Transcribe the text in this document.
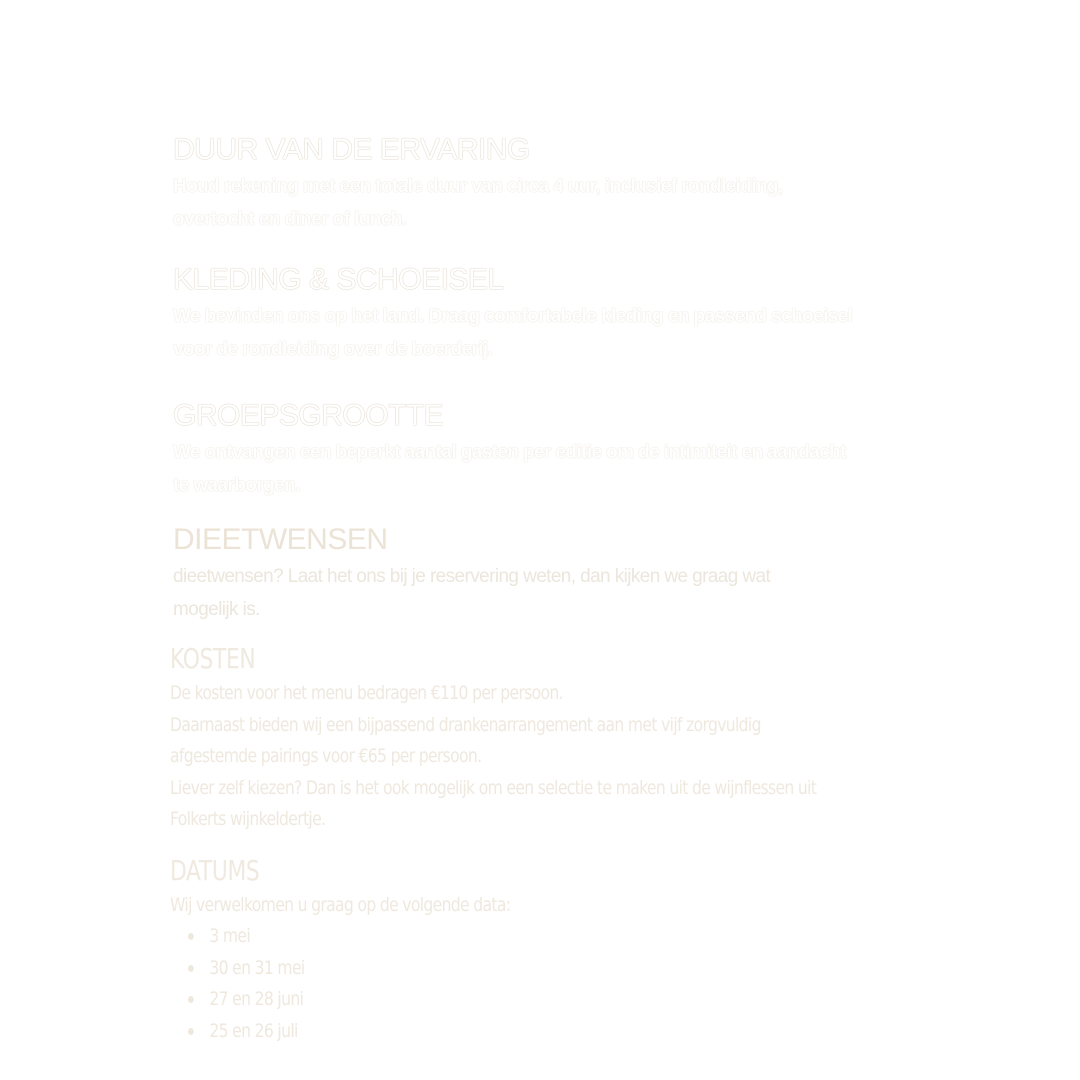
DUUR VAN DE ERVARING

Houd rekening met een totale duur van circa 4 uur, inclusief rondleiding,
overtocht en diner of lunch.

KLEDING & SCHOEISEL

We bevinden ons op het land. Draag comfortabele kleding en passend schoeisel
voor de rondleiding over de boerderij.

GROEPSGROOTTE

We ontvangen een beperkt aantal gasten per editie om de intimiteit en aandacht
te waarborgen.

DIEETWENSEN

dieetwensen? Laat het ons bij je reservering weten, dan kijken we graag wat
mogelijk is.

KOSTEN
De kosten voor het menu bedragen €110 per persoon.
Daarnaast bieden wij een bijpassend drankenarrangement aan met vijf zorgvuldig
afgestemde pairings voor €65 per persoon.
Liever zelf kiezen? Dan is het ook mogelijk om een selectie te maken uit de wijnflessen uit
Folkerts wijnkeldertje.
DATUMS
Wij verwelkomen u graag op de volgende data:
3 mei
30 en 31 mei
27 en 28 juni
25 en 26 juli
